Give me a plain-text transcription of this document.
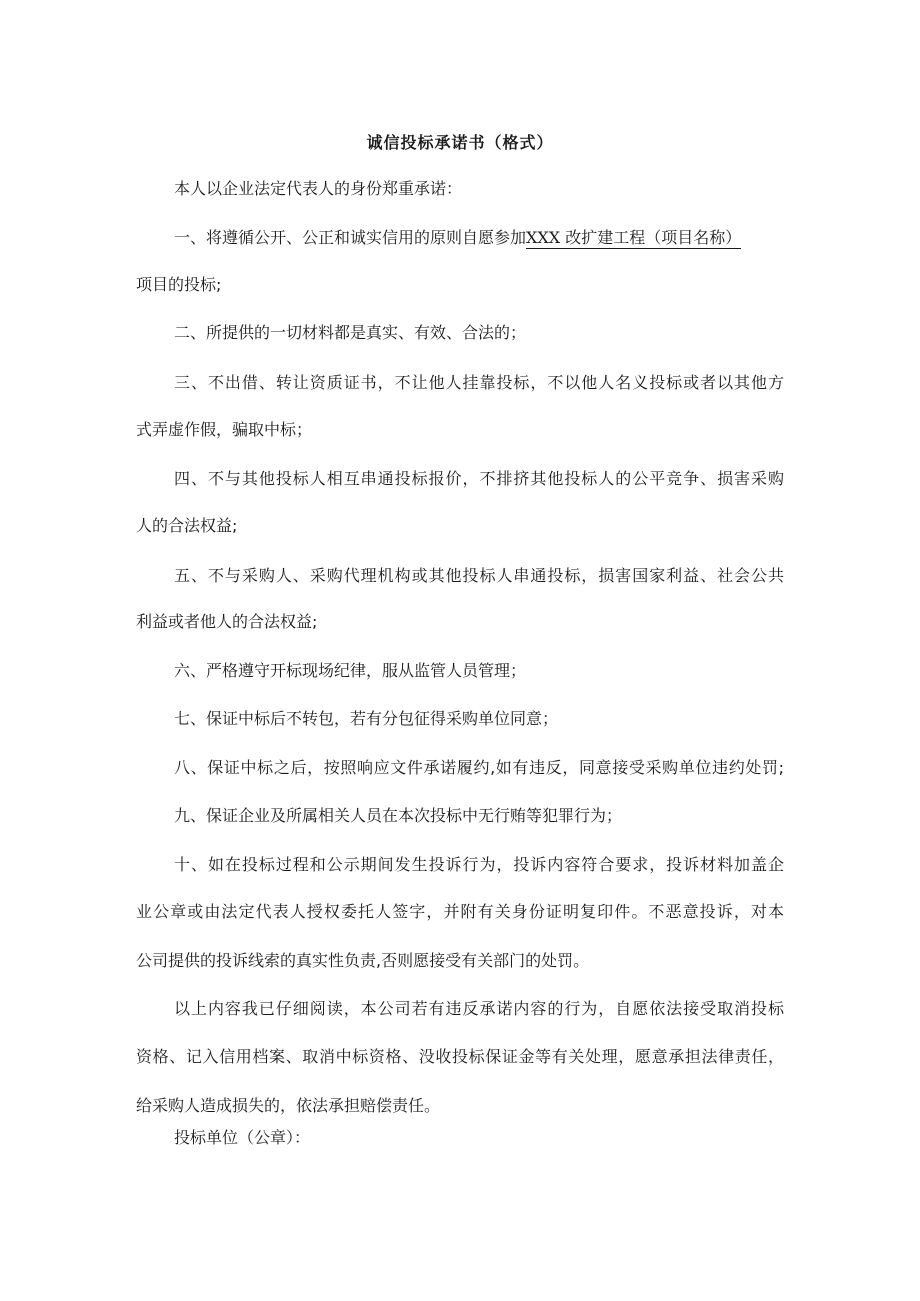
诚信投标承诺书（格式）
本人以企业法定代表人的身份郑重承诺：
一、将遵循公开、公正和诚实信用的原则自愿参加XXX 改扩建工程（项目名称）
项目的投标;
二、所提供的一切材料都是真实、有效、合法的；
三、不出借、转让资质证书，不让他人挂靠投标，不以他人名义投标或者以其他方
式弄虚作假，骗取中标；
四、不与其他投标人相互串通投标报价，不排挤其他投标人的公平竞争、损害采购
人的合法权益;
五、不与采购人、采购代理机构或其他投标人串通投标，损害国家利益、社会公共
利益或者他人的合法权益;
六、严格遵守开标现场纪律，服从监管人员管理；
七、保证中标后不转包，若有分包征得采购单位同意；
八、保证中标之后，按照响应文件承诺履约,如有违反，同意接受采购单位违约处罚;
九、保证企业及所属相关人员在本次投标中无行贿等犯罪行为；
十、如在投标过程和公示期间发生投诉行为，投诉内容符合要求，投诉材料加盖企
业公章或由法定代表人授权委托人签字，并附有关身份证明复印件。不恶意投诉，对本
公司提供的投诉线索的真实性负责,否则愿接受有关部门的处罚。
以上内容我已仔细阅读，本公司若有违反承诺内容的行为，自愿依法接受取消投标
资格、记入信用档案、取消中标资格、没收投标保证金等有关处理，愿意承担法律责任，
给采购人造成损失的，依法承担赔偿责任。
投标单位（公章）：
